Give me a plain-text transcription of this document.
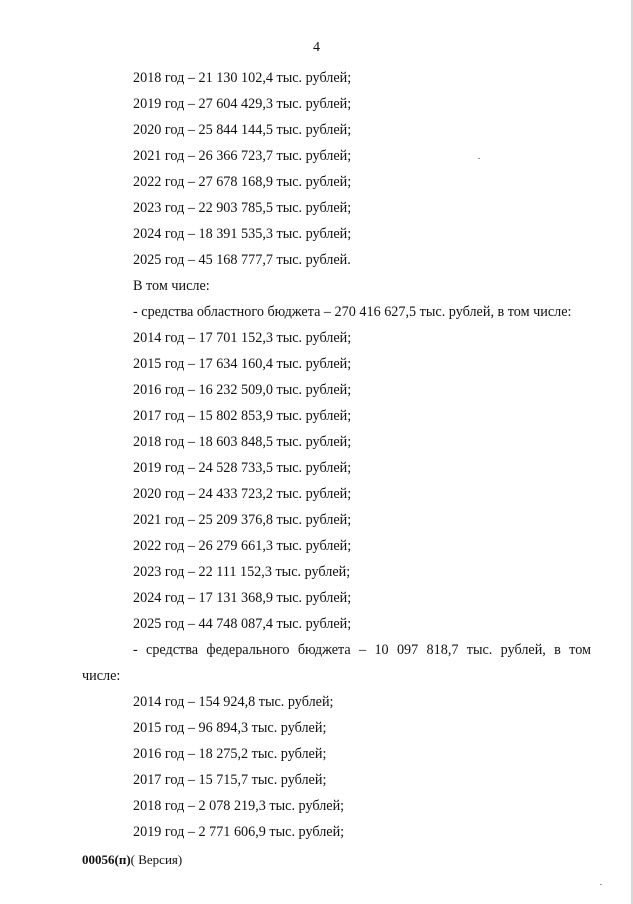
4
2018 год – 21 130 102,4 тыс. рублей;
2019 год – 27 604 429,3 тыс. рублей;
2020 год – 25 844 144,5 тыс. рублей;
2021 год – 26 366 723,7 тыс. рублей;
2022 год – 27 678 168,9 тыс. рублей;
2023 год – 22 903 785,5 тыс. рублей;
2024 год – 18 391 535,3 тыс. рублей;
2025 год – 45 168 777,7 тыс. рублей.
В том числе:
- средства областного бюджета – 270 416 627,5 тыс. рублей, в том числе:
2014 год – 17 701 152,3 тыс. рублей;
2015 год – 17 634 160,4 тыс. рублей;
2016 год – 16 232 509,0 тыс. рублей;
2017 год – 15 802 853,9 тыс. рублей;
2018 год – 18 603 848,5 тыс. рублей;
2019 год – 24 528 733,5 тыс. рублей;
2020 год – 24 433 723,2 тыс. рублей;
2021 год – 25 209 376,8 тыс. рублей;
2022 год – 26 279 661,3 тыс. рублей;
2023 год – 22 111 152,3 тыс. рублей;
2024 год – 17 131 368,9 тыс. рублей;
2025 год – 44 748 087,4 тыс. рублей;
- средства федерального бюджета – 10 097 818,7 тыс. рублей, в том
числе:
2014 год – 154 924,8 тыс. рублей;
2015 год – 96 894,3 тыс. рублей;
2016 год – 18 275,2 тыс. рублей;
2017 год – 15 715,7 тыс. рублей;
2018 год – 2 078 219,3 тыс. рублей;
2019 год – 2 771 606,9 тыс. рублей;
00056(п)( Версия)
